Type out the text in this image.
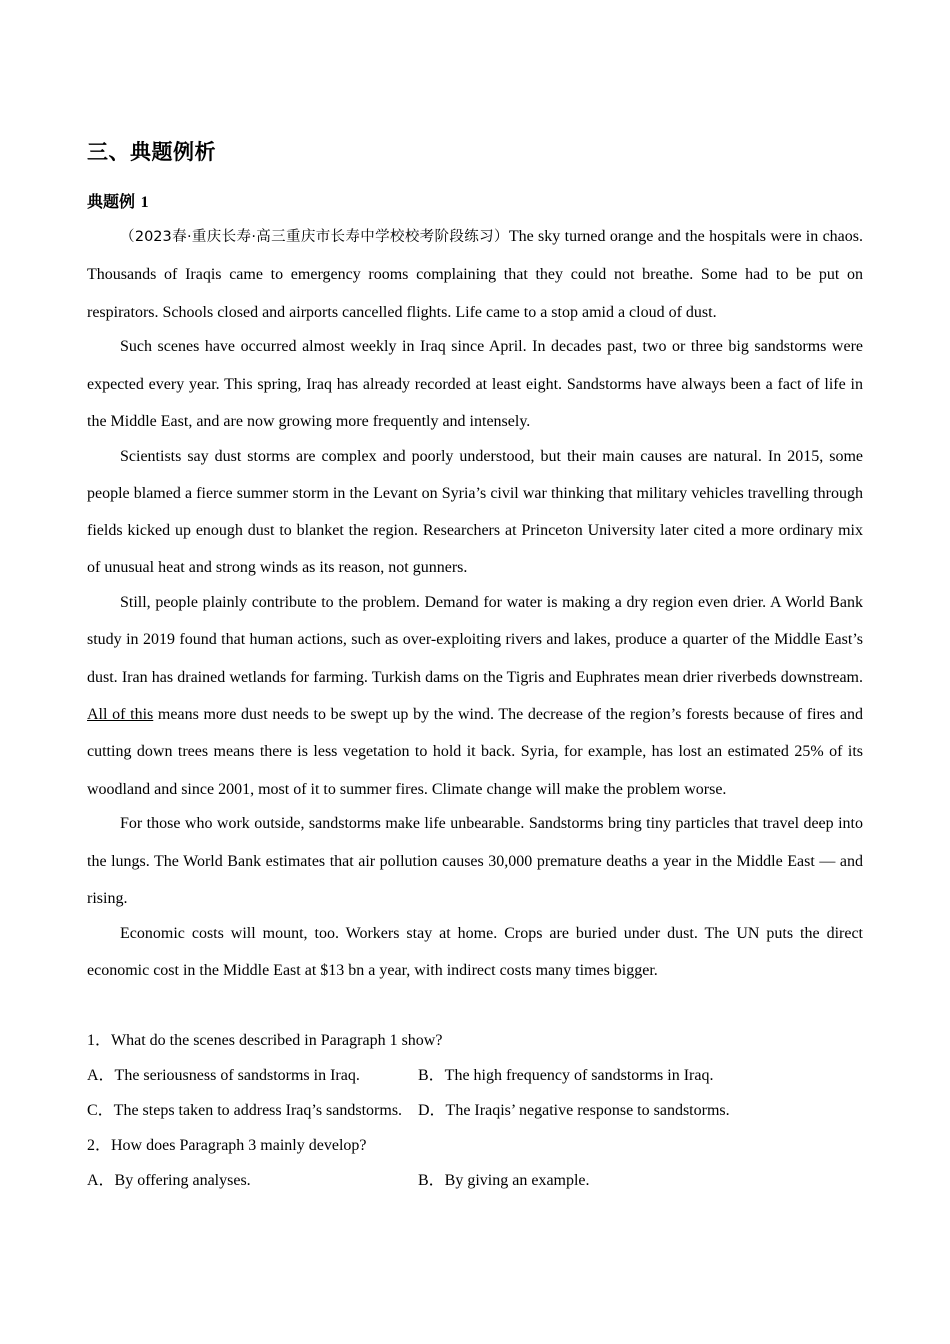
三、典题例析
典题例 1

（2023春·重庆长寿·高三重庆市长寿中学校校考阶段练习）The sky turned orange and the hospitals were in chaos. Thousands of Iraqis came to emergency rooms complaining that they could not breathe. Some had to be put on respirators. Schools closed and airports cancelled flights. Life came to a stop amid a cloud of dust.

Such scenes have occurred almost weekly in Iraq since April. In decades past, two or three big sandstorms were expected every year. This spring, Iraq has already recorded at least eight. Sandstorms have always been a fact of life in the Middle East, and are now growing more frequently and intensely.

Scientists say dust storms are complex and poorly understood, but their main causes are natural. In 2015, some people blamed a fierce summer storm in the Levant on Syria’s civil war thinking that military vehicles travelling through fields kicked up enough dust to blanket the region. Researchers at Princeton University later cited a more ordinary mix of unusual heat and strong winds as its reason, not gunners.

Still, people plainly contribute to the problem. Demand for water is making a dry region even drier. A World Bank study in 2019 found that human actions, such as over-exploiting rivers and lakes, produce a quarter of the Middle East’s dust. Iran has drained wetlands for farming. Turkish dams on the Tigris and Euphrates mean drier riverbeds downstream. All of this means more dust needs to be swept up by the wind. The decrease of the region’s forests because of fires and cutting down trees means there is less vegetation to hold it back. Syria, for example, has lost an estimated 25% of its woodland and since 2001, most of it to summer fires. Climate change will make the problem worse.

For those who work outside, sandstorms make life unbearable. Sandstorms bring tiny particles that travel deep into the lungs. The World Bank estimates that air pollution causes 30,000 premature deaths a year in the Middle East — and rising.

Economic costs will mount, too. Workers stay at home. Crops are buried under dust. The UN puts the direct economic cost in the Middle East at $13 bn a year, with indirect costs many times bigger.

1．What do the scenes described in Paragraph 1 show?
A．The seriousness of sandstorms in Iraq.	B．The high frequency of sandstorms in Iraq.
C．The steps taken to address Iraq’s sandstorms. D．The Iraqis’ negative response to sandstorms.
2．How does Paragraph 3 mainly develop?
A．By offering analyses.	B．By giving an example.
